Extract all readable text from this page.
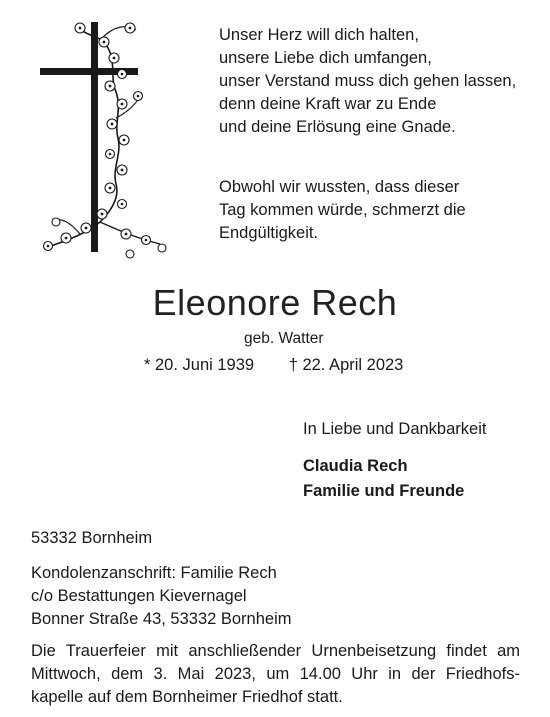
Unser Herz will dich halten,
unsere Liebe dich umfangen,
unser Verstand muss dich gehen lassen,
denn deine Kraft war zu Ende
und deine Erlösung eine Gnade.
Obwohl wir wussten, dass dieser
Tag kommen würde, schmerzt die
Endgültigkeit.
Eleonore Rech
geb. Watter
* 20. Juni 1939 † 22. April 2023
In Liebe und Dankbarkeit
Claudia Rech
Familie und Freunde
53332 Bornheim
Kondolenzanschrift: Familie Rech
c/o Bestattungen Kievernagel
Bonner Straße 43, 53332 Bornheim
Die Trauerfeier mit anschließender Urnenbeisetzung findet am
Mittwoch, dem 3. Mai 2023, um 14.00 Uhr in der Friedhofs-
kapelle auf dem Bornheimer Friedhof statt.
